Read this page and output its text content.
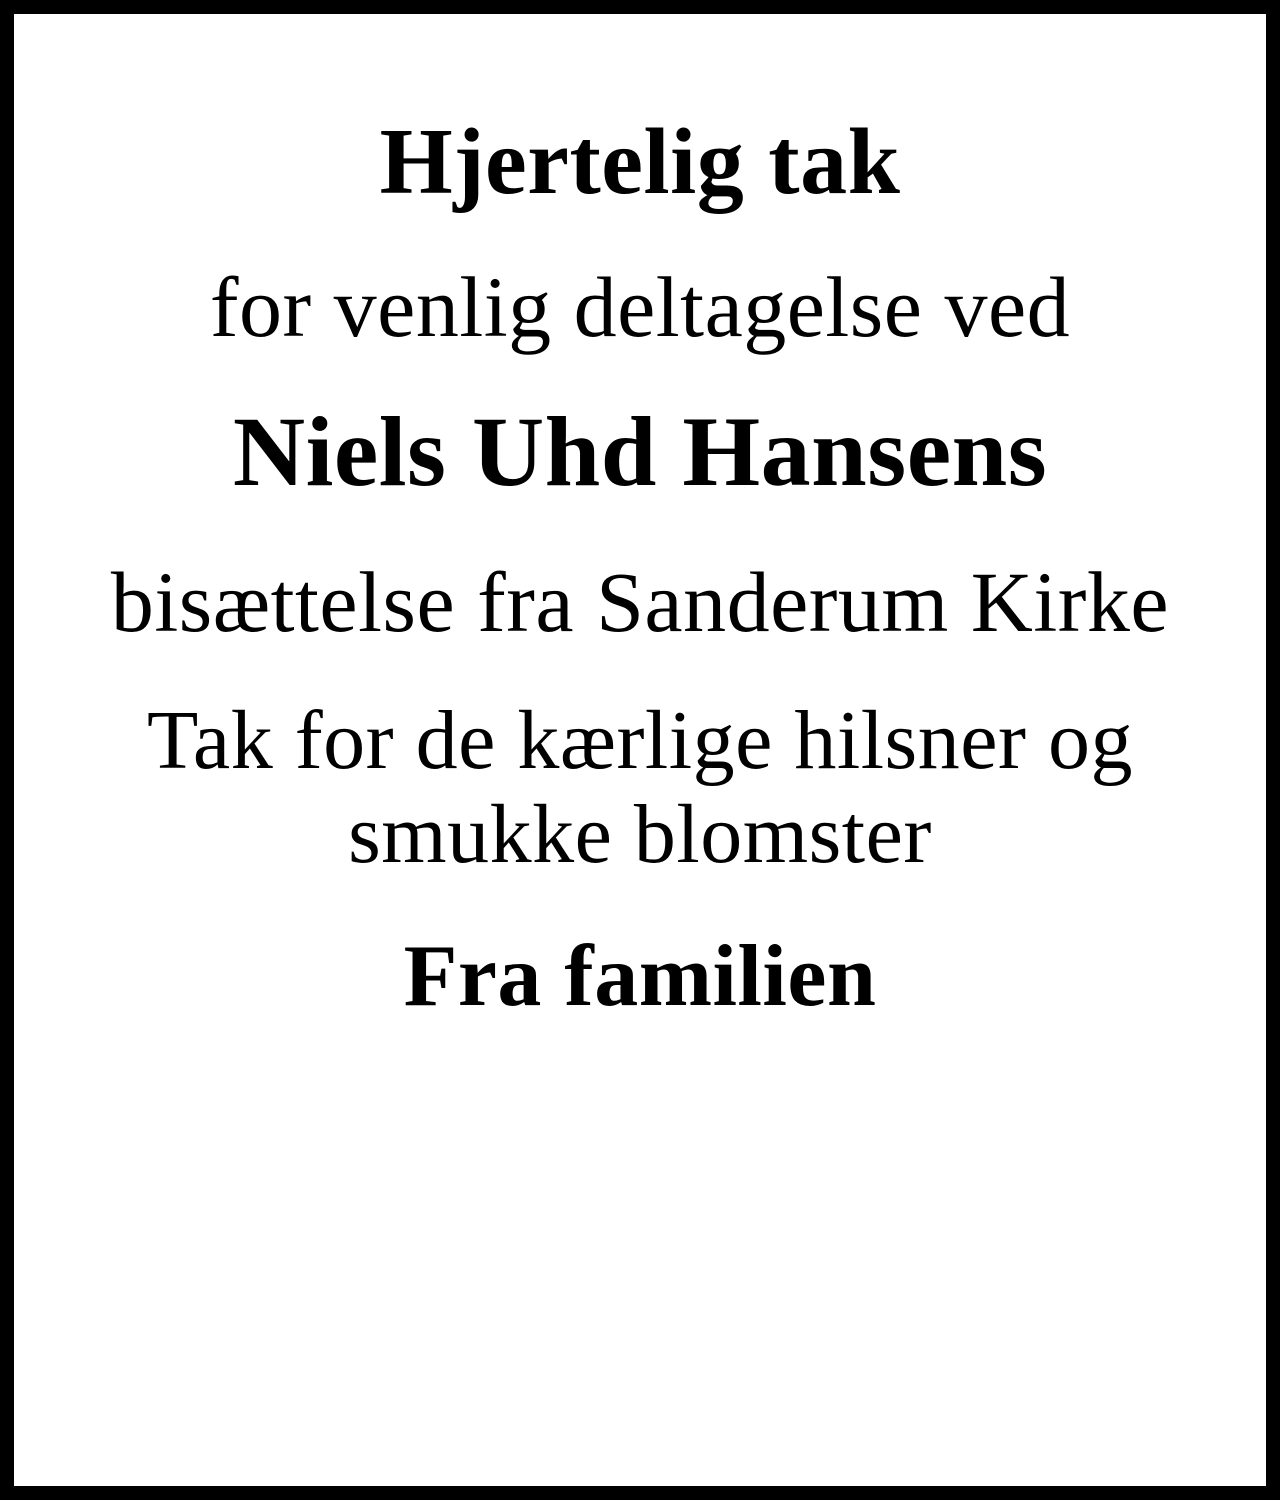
Hjertelig tak
for venlig deltagelse ved
Niels Uhd Hansens
bisættelse fra Sanderum Kirke
Tak for de kærlige hilsner og smukke blomster
Fra familien
